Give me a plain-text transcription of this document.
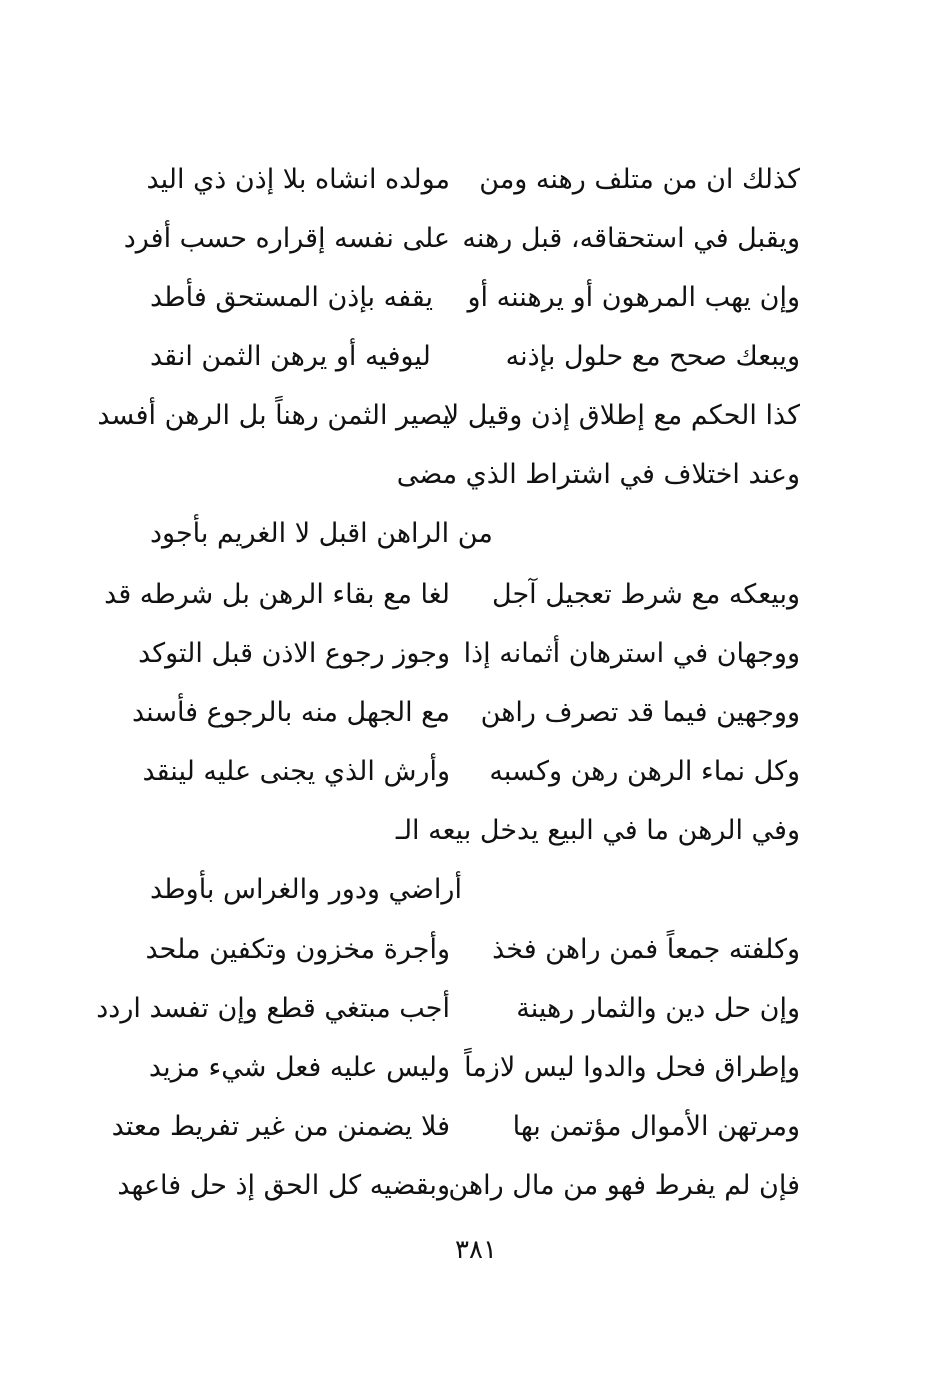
كذلك ان من متلف رهنه ومن
مولده انشاه بلا إذن ذي اليد
ويقبل في استحقاقه، قبل رهنه
على نفسه إقراره حسب أفرد
وإن يهب المرهون أو يرهننه أو
يقفه بإذن المستحق فأطد
ويبعك صحح مع حلول بإذنه
ليوفيه أو يرهن الثمن انقد
كذا الحكم مع إطلاق إذن وقيل لا
يصير الثمن رهناً بل الرهن أفسد
وعند اختلاف في اشتراط الذي مضى
من الراهن اقبل لا الغريم بأجود
وبيعكه مع شرط تعجيل آجل
لغا مع بقاء الرهن بل شرطه قد
ووجهان في استرهان أثمانه إذا
وجوز رجوع الاذن قبل التوكد
ووجهين فيما قد تصرف راهن
مع الجهل منه بالرجوع فأسند
وكل نماء الرهن رهن وكسبه
وأرش الذي يجنى عليه لينقد
وفي الرهن ما في البيع يدخل بيعه الـ
أراضي ودور والغراس بأوطد
وكلفته جمعاً فمن راهن فخذ
وأجرة مخزون وتكفين ملحد
وإن حل دين والثمار رهينة
أجب مبتغي قطع وإن تفسد اردد
وإطراق فحل والدوا ليس لازماً
وليس عليه فعل شيء مزيد
ومرتهن الأموال مؤتمن بها
فلا يضمنن من غير تفريط معتد
فإن لم يفرط فهو من مال راهن
وبقضيه كل الحق إذ حل فاعهد
٣٨١
